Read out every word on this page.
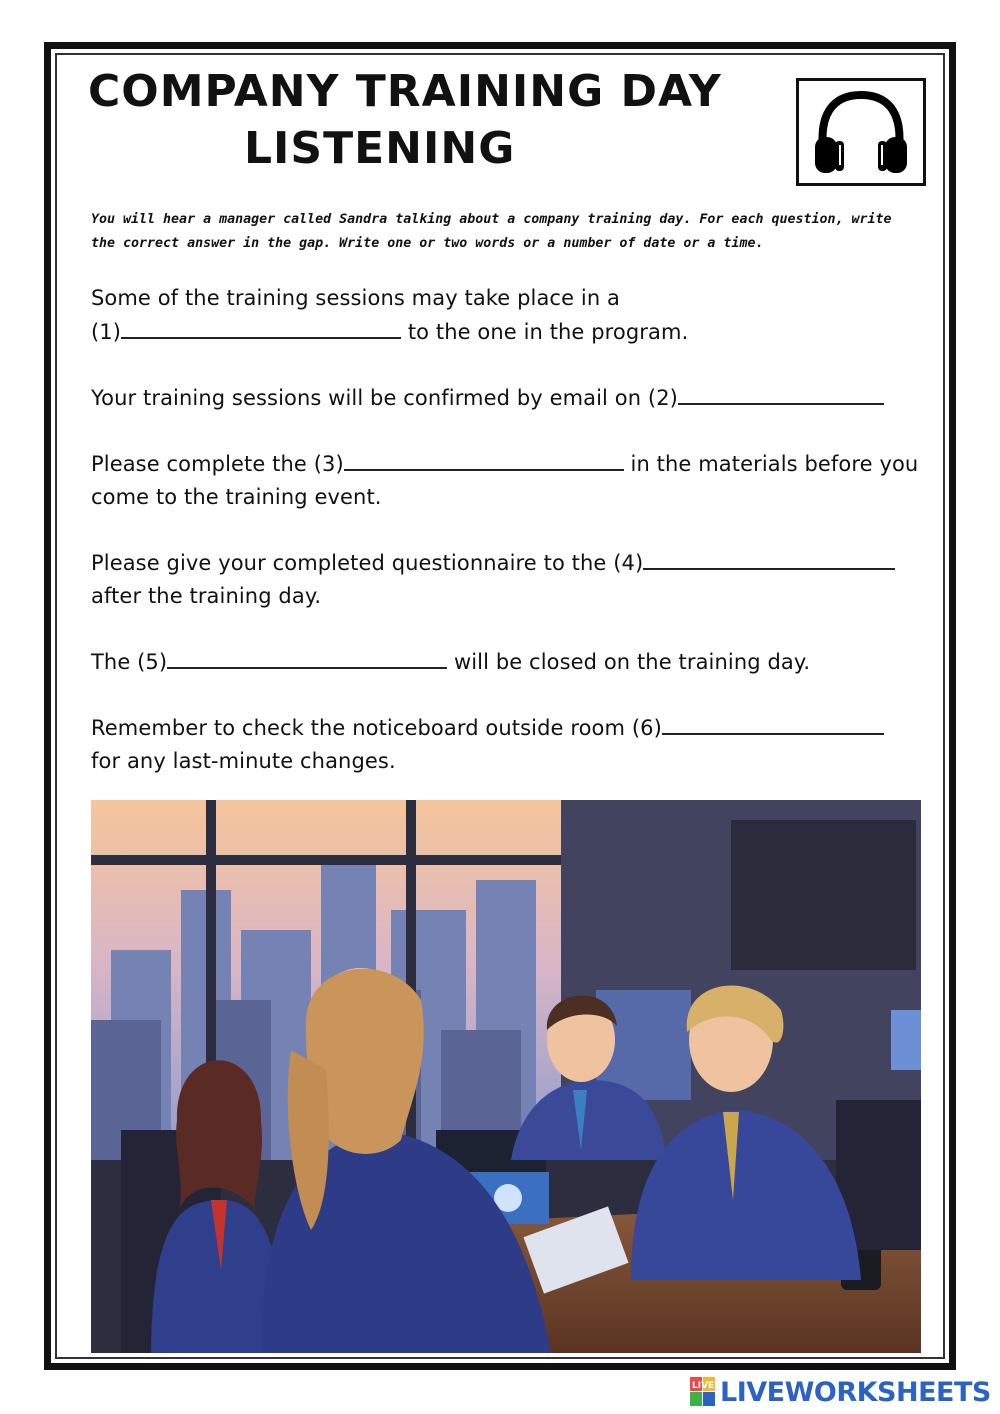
COMPANY TRAINING DAY
LISTENING

You will hear a manager called Sandra talking about a company training day. For each question, write the correct answer in the gap. Write one or two words or a number of date or a time.

Some of the training sessions may take place in a
(1)	to the one in the program.

Your training sessions will be confirmed by email on (2)

Please complete the (3)	in the materials before you come to the training event.

Please give your completed questionnaire to the (4)
after the training day.

The (5)	will be closed on the training day.

Remember to check the noticeboard outside room (6)
for any last-minute changes.

LIVE LIVEWORKSHEETS
